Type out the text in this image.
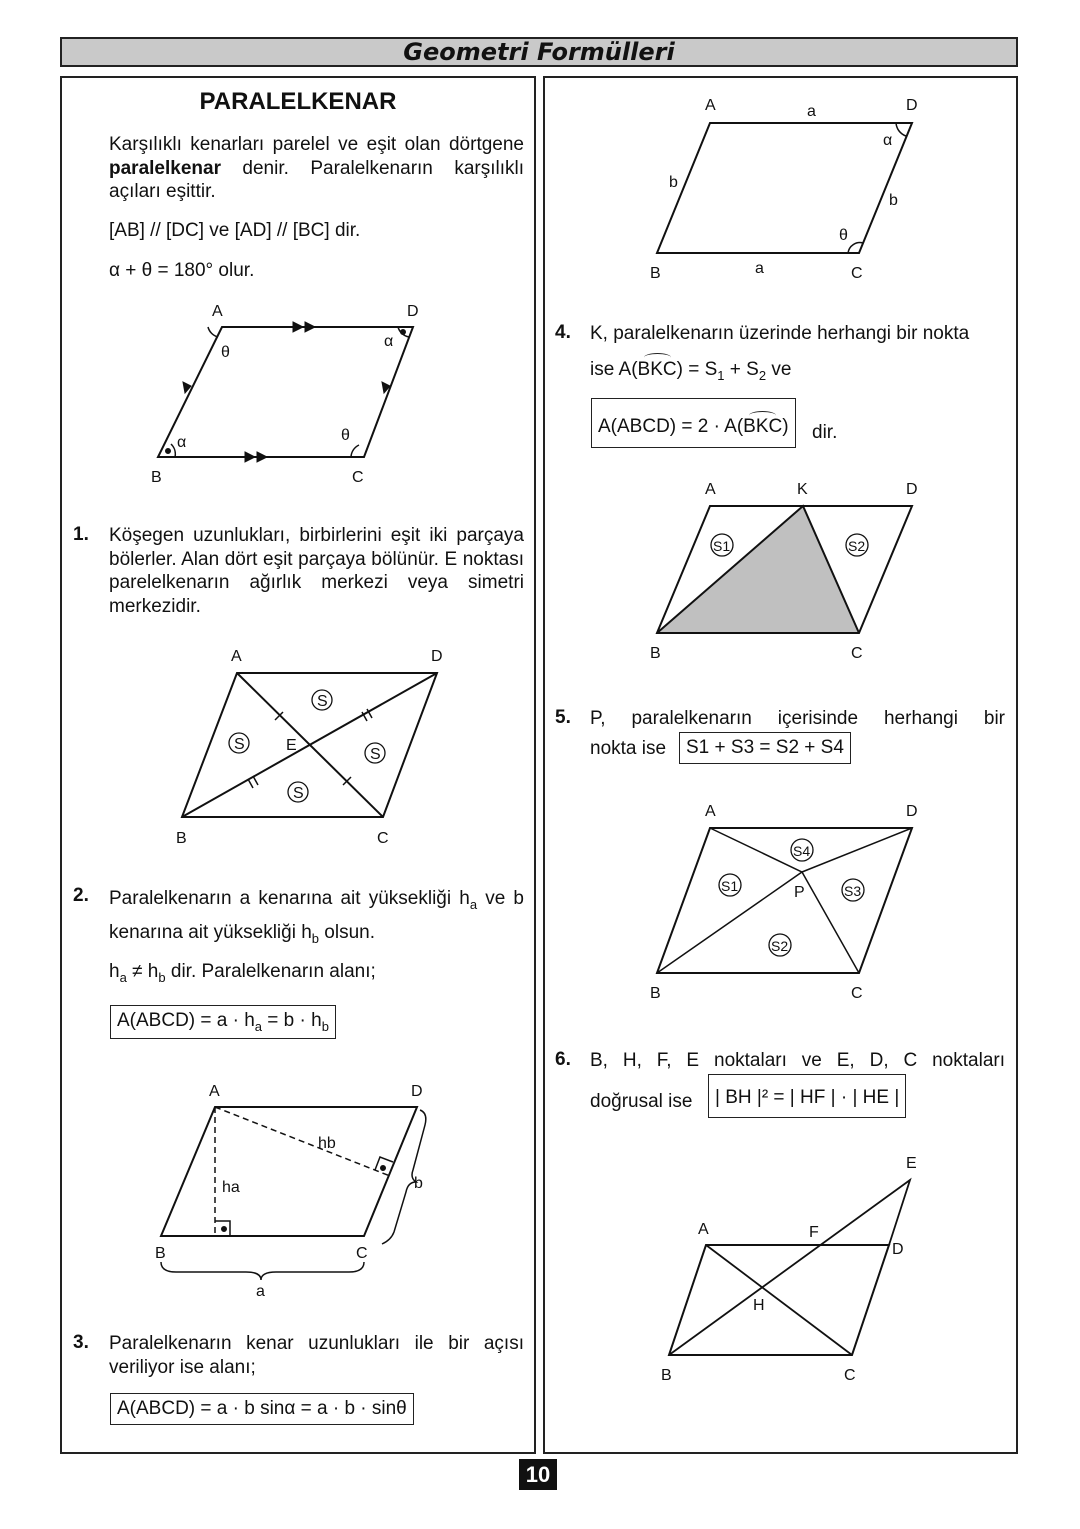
Geometri Formülleri
PARALELKENAR
Karşılıklı kenarları parelel ve eşit olan dörtgene paralelkenar denir. Paralelkenarın karşılıklı açıları eşittir.
[AB] // [DC] ve [AD] // [BC] dir.
α + θ = 180° olur.
1. Köşegen uzunlukları, birbirlerini eşit iki parçaya bölerler. Alan dört eşit parçaya bölünür. E noktası parelelkenarın ağırlık merkezi veya simetri merkezidir.
2. Paralelkenarın a kenarına ait yüksekliği $h_a$ ve b kenarına ait yüksekliği $h_b$ olsun.
$h_a \ne h_b$ dir. Paralelkenarın alanı;
A(ABCD) = $a \cdot h_a = b \cdot h_b$
3. Paralelkenarın kenar uzunlukları ile bir açısı veriliyor ise alanı;
A(ABCD) = a · b sinα = a · b · sinθ
4. K, paralelkenarın üzerinde herhangi bir nokta
ise $A(BKC) = S_1 + S_2$ ve
A(ABCD) = 2 · A(BKC)	dir.
5. P, paralelkenarın içerisinde herhangi bir
nokta ise	S1 + S3 = S2 + S4
6. B, H, F, E noktaları ve E, D, C noktaları
doğrusal ise	| BH |² = | HF | · | HE |
10
A	D
B	C
θ
α
α	θ
S
S
S
S
E
A	D
B	C
hb
ha	b
a
A	D
B	C
A	a	D
α
b
b
θ
B	a	C
S1	S2
A	K	D
B	C
S4
S1	S3
S2
P
A	D
B	C
A	F
D
E
H
B	C
